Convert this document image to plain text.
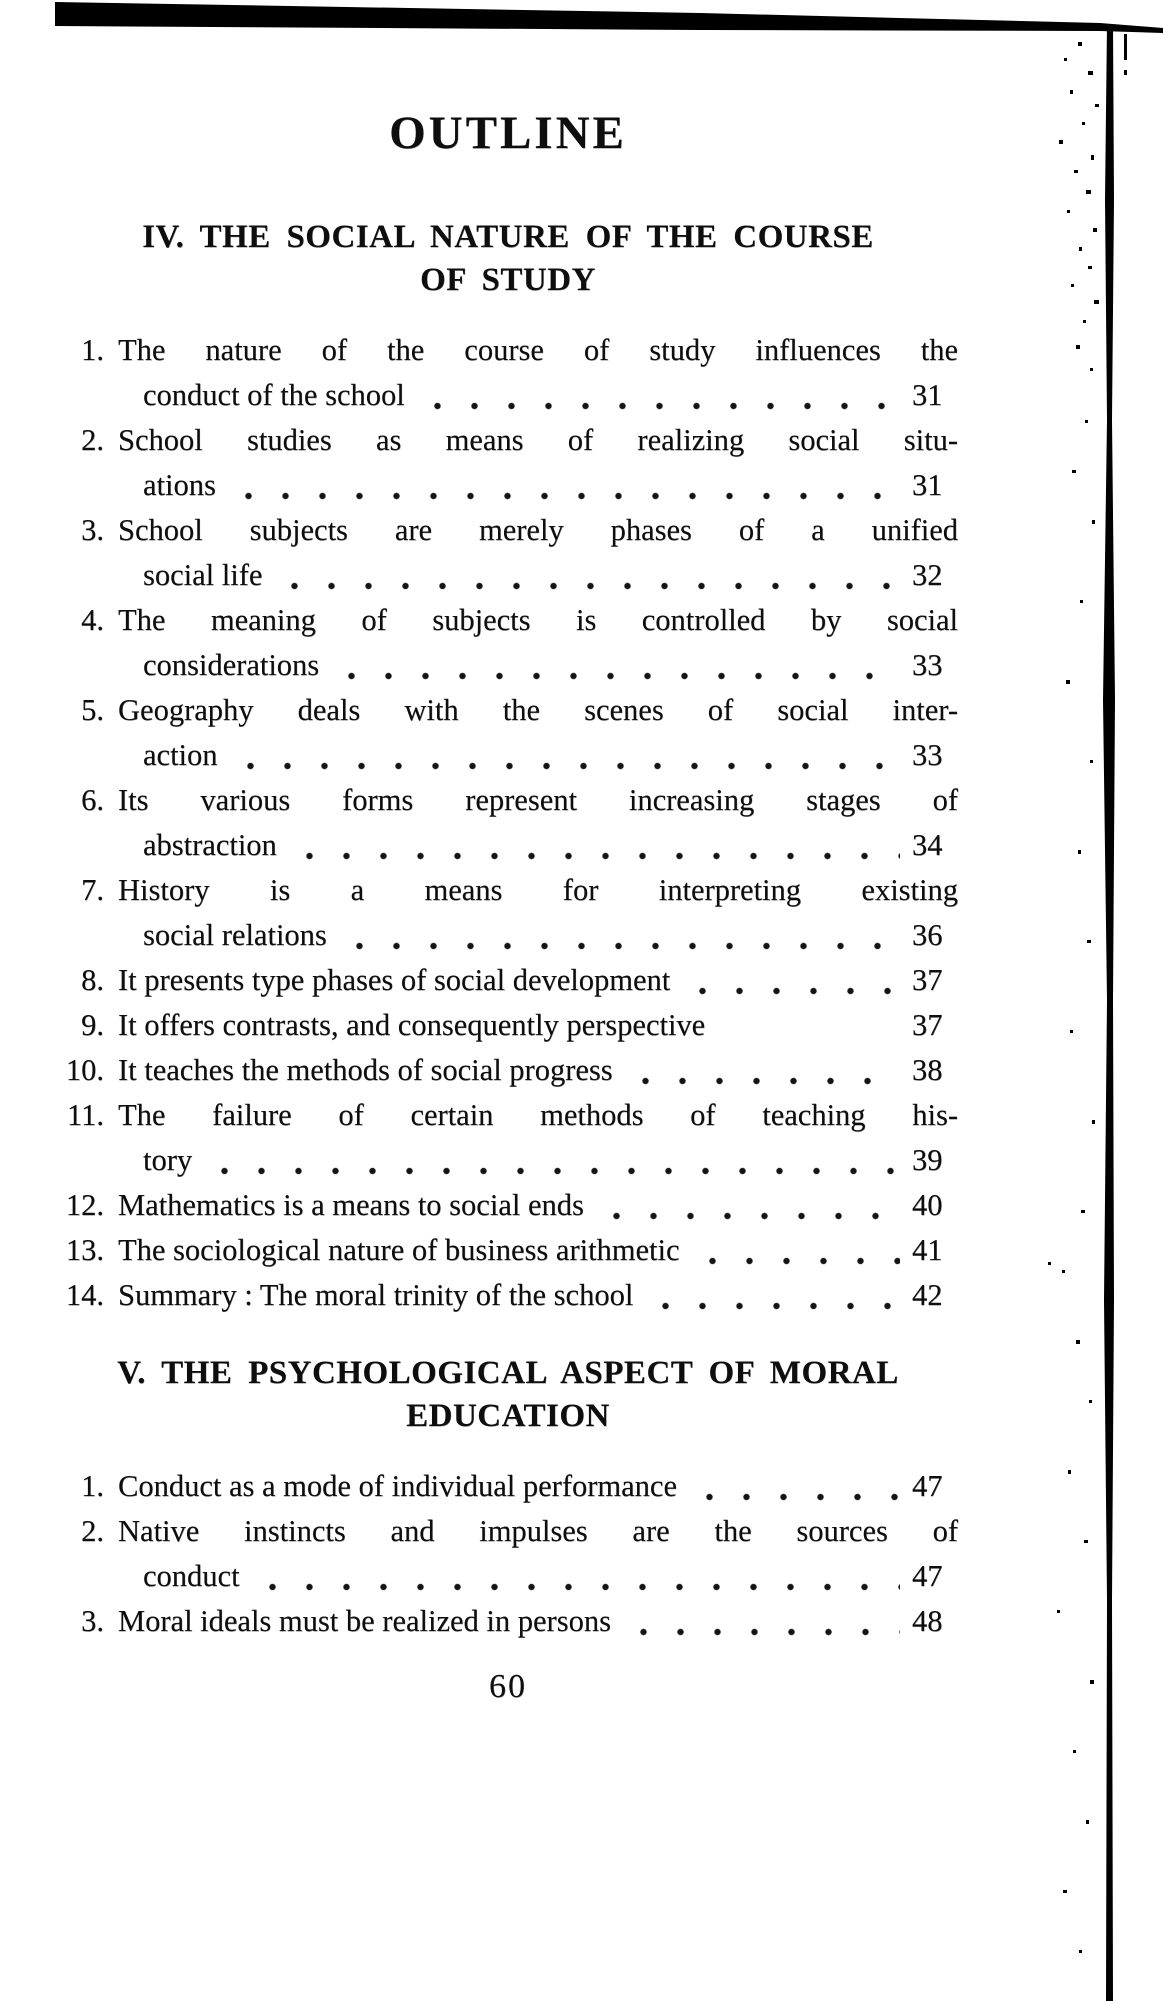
OUTLINE
IV. THE SOCIAL NATURE OF THE COURSE
OF STUDY
1. The nature of the course of study influences the
conduct of the school	31
2. School studies as means of realizing social situ-
ations	31
3. School subjects are merely phases of a unified
social life	32
4. The meaning of subjects is controlled by social
considerations	33
5. Geography deals with the scenes of social inter-
action	33
6. Its various forms represent increasing stages of
abstraction	34
7. History is a means for interpreting existing
social relations	36
8. It presents type phases of social development	37
9. It offers contrasts, and consequently perspective	37
10. It teaches the methods of social progress	38
11. The failure of certain methods of teaching his-
tory	39
12. Mathematics is a means to social ends	40
13. The sociological nature of business arithmetic	41
14. Summary : The moral trinity of the school	42
V. THE PSYCHOLOGICAL ASPECT OF MORAL
EDUCATION
1. Conduct as a mode of individual performance	47
2. Native instincts and impulses are the sources of
conduct	47
3. Moral ideals must be realized in persons	48
60
